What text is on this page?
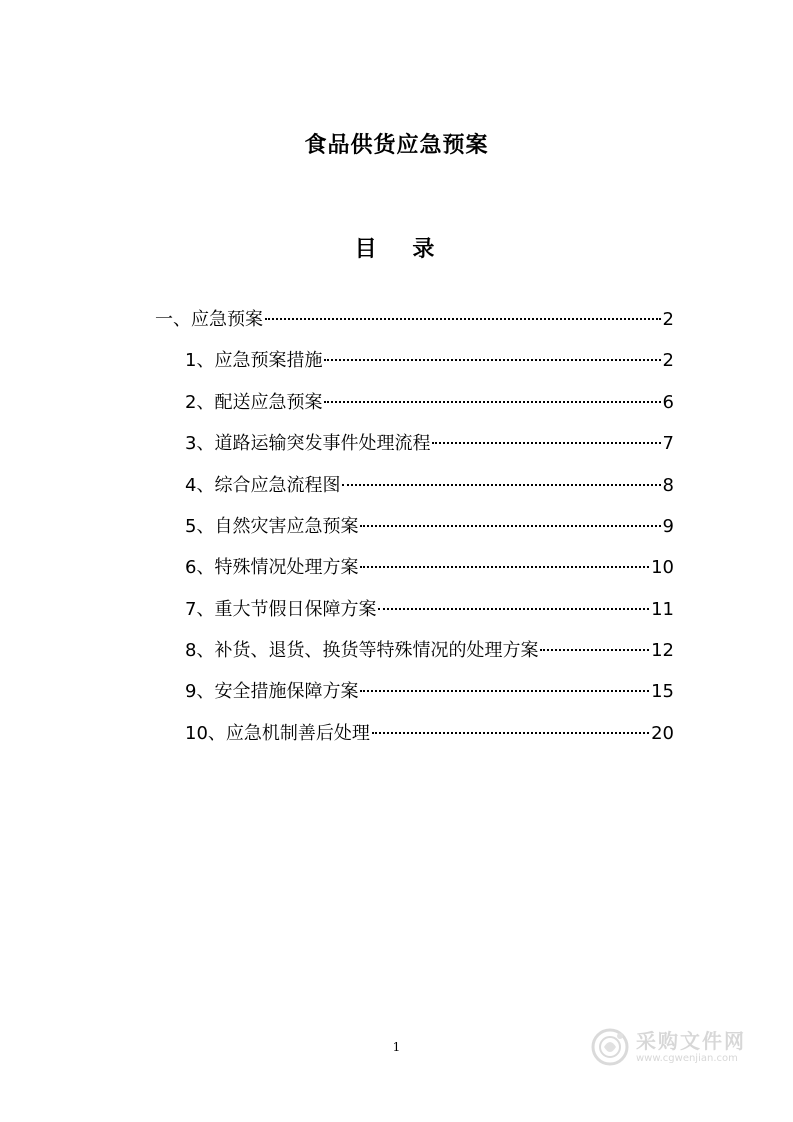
食品供货应急预案
目 录
一、应急预案	2
1、应急预案措施	2
2、配送应急预案	6
3、道路运输突发事件处理流程	7
4、综合应急流程图	8
5、自然灾害应急预案	9
6、特殊情况处理方案	10
7、重大节假日保障方案	11
8、补货、退货、换货等特殊情况的处理方案	12
9、安全措施保障方案	15
10、应急机制善后处理	20
1	采购文件网
www.cgwenjian.com
